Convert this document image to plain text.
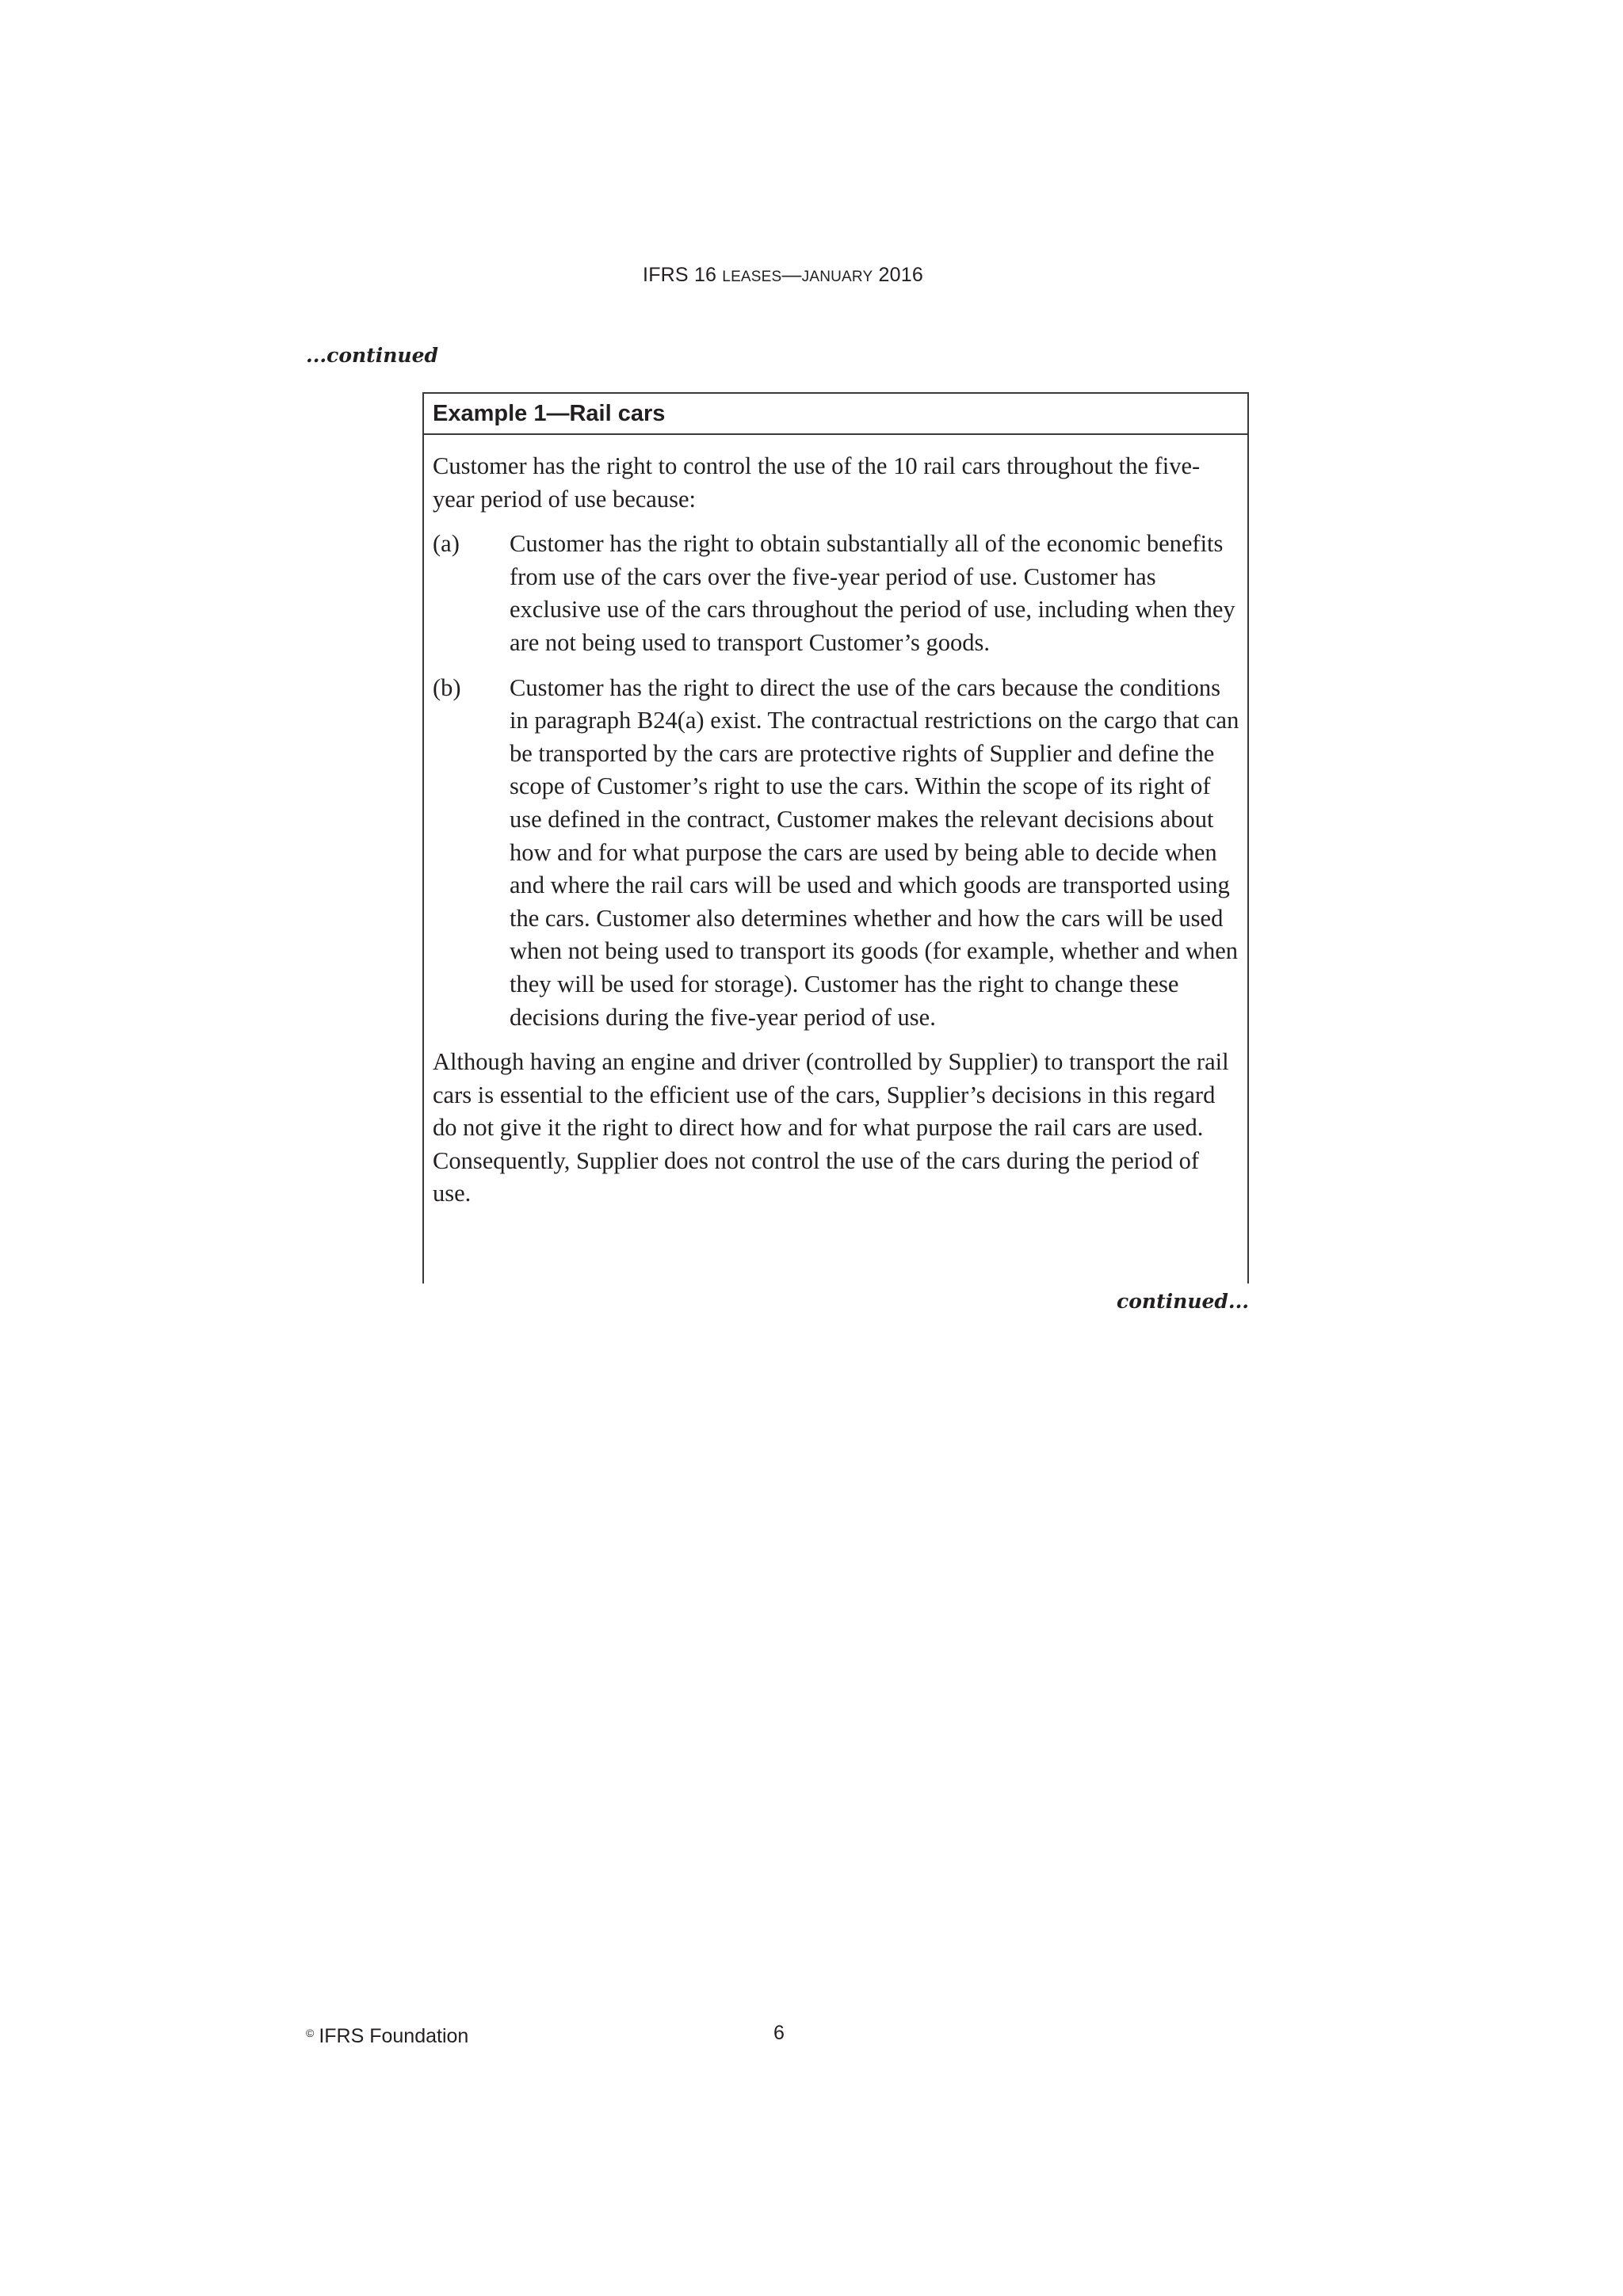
IFRS 16 LEASES—JANUARY 2016
...continued
Example 1—Rail cars

Customer has the right to control the use of the 10 rail cars throughout the five-year period of use because:

(a)	Customer has the right to obtain substantially all of the economic benefits from use of the cars over the five-year period of use. Customer has exclusive use of the cars throughout the period of use, including when they are not being used to transport Customer’s goods.
(b)	Customer has the right to direct the use of the cars because the conditions in paragraph B24(a) exist. The contractual restrictions on the cargo that can be transported by the cars are protective rights of Supplier and define the scope of Customer’s right to use the cars. Within the scope of its right of use defined in the contract, Customer makes the relevant decisions about how and for what purpose the cars are used by being able to decide when and where the rail cars will be used and which goods are transported using the cars. Customer also determines whether and how the cars will be used when not being used to transport its goods (for example, whether and when they will be used for storage). Customer has the right to change these decisions during the five-year period of use.

Although having an engine and driver (controlled by Supplier) to transport the rail cars is essential to the efficient use of the cars, Supplier’s decisions in this regard do not give it the right to direct how and for what purpose the rail cars are used. Consequently, Supplier does not control the use of the cars during the period of use.

continued...
© IFRS Foundation	6
